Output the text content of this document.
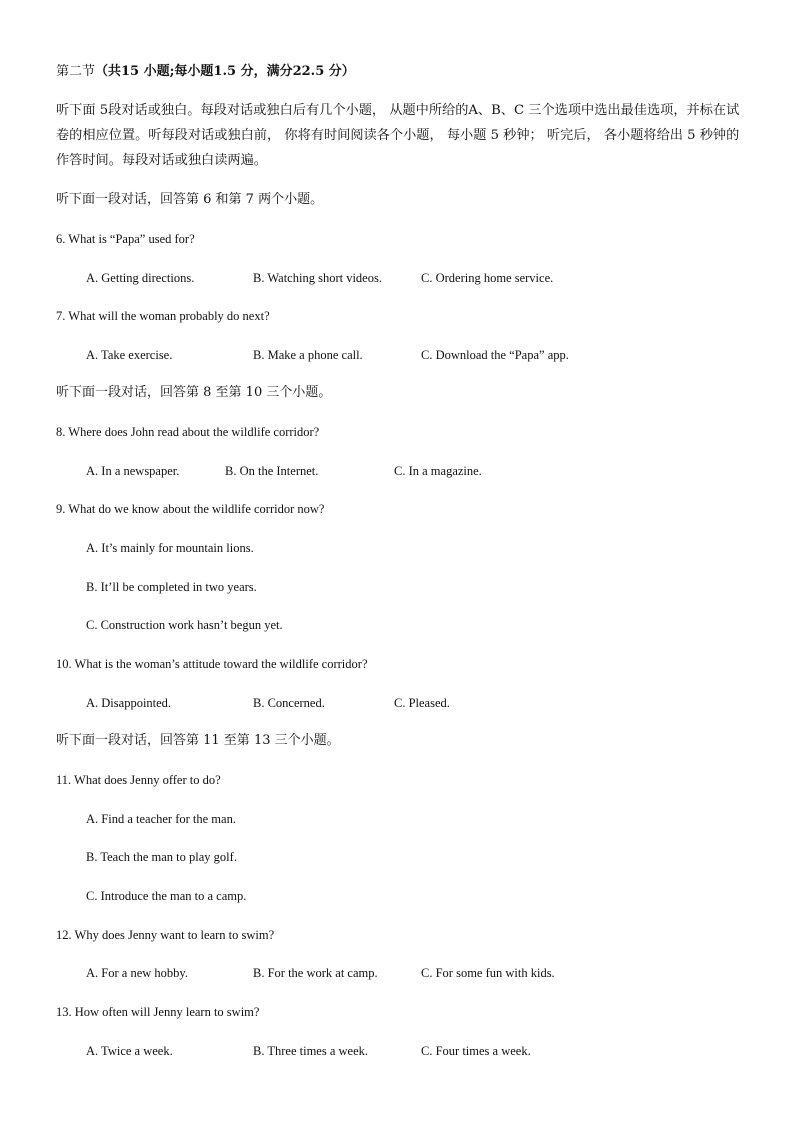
第二节（共15 小题;每小题1.5 分，满分22.5 分）
听下面 5段对话或独白。每段对话或独白后有几个小题， 从题中所给的A、B、C 三个选项中选出最佳选项，并标在试卷的相应位置。听每段对话或独白前， 你将有时间阅读各个小题， 每小题 5 秒钟； 听完后， 各小题将给出 5 秒钟的作答时间。每段对话或独白读两遍。
听下面一段对话，回答第 6 和第 7 两个小题。
6. What is “Papa” used for?
A. Getting directions.	B. Watching short videos.	C. Ordering home service.
7. What will the woman probably do next?
A. Take exercise.	B. Make a phone call.	C. Download the “Papa” app.
听下面一段对话，回答第 8 至第 10 三个小题。
8. Where does John read about the wildlife corridor?
A. In a newspaper.	B. On the Internet.	C. In a magazine.
9. What do we know about the wildlife corridor now?
A. It’s mainly for mountain lions.
B. It’ll be completed in two years.
C. Construction work hasn’t begun yet.
10. What is the woman’s attitude toward the wildlife corridor?
A. Disappointed.	B. Concerned.	C. Pleased.
听下面一段对话，回答第 11 至第 13 三个小题。
11. What does Jenny offer to do?
A. Find a teacher for the man.
B. Teach the man to play golf.
C. Introduce the man to a camp.
12. Why does Jenny want to learn to swim?
A. For a new hobby.	B. For the work at camp.	C. For some fun with kids.
13. How often will Jenny learn to swim?
A. Twice a week.	B. Three times a week.	C. Four times a week.
